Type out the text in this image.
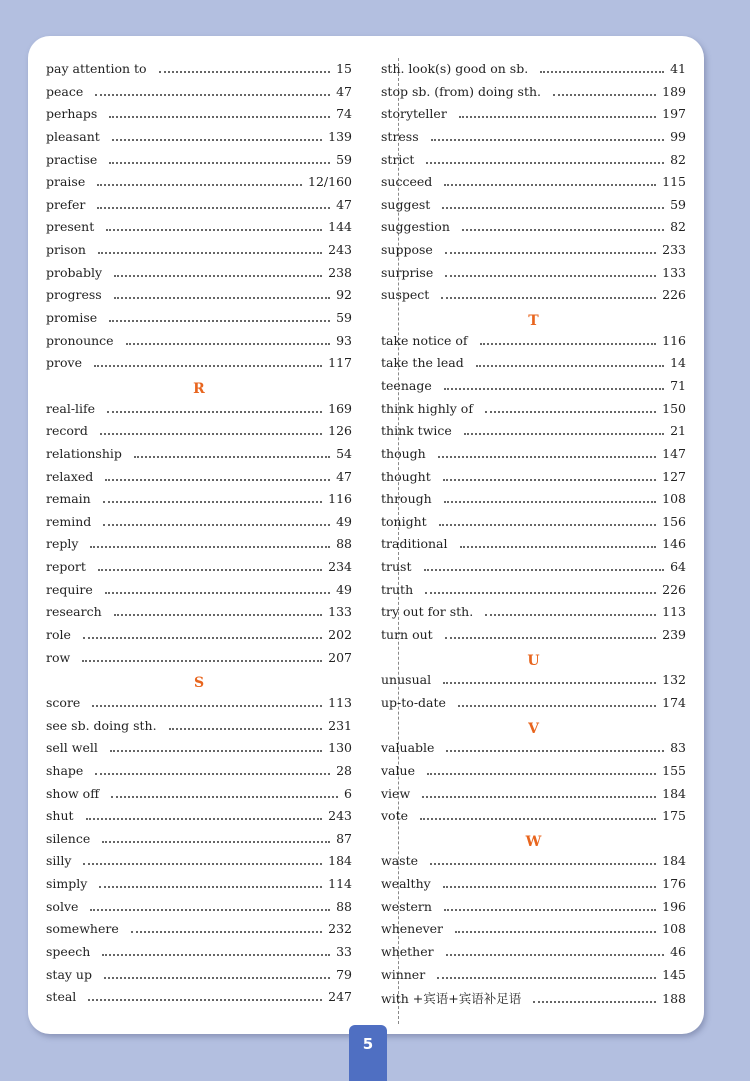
pay attention to	15
peace	47
perhaps	74
pleasant	139
practise	59
praise	12/160
prefer	47
present	144
prison	243
probably	238
progress	92
promise	59
pronounce	93
prove	117
R
real-life	169
record	126
relationship	54
relaxed	47
remain	116
remind	49
reply	88
report	234
require	49
research	133
role	202
row	207
S
score	113
see sb. doing sth.	231
sell well	130
shape	28
show off	6
shut	243
silence	87
silly	184
simply	114
solve	88
somewhere	232
speech	33
stay up	79
steal	247
sth. look(s) good on sb.	41
stop sb. (from) doing sth.	189
storyteller	197
stress	99
strict	82
succeed	115
suggest	59
suggestion	82
suppose	233
surprise	133
suspect	226
T
take notice of	116
take the lead	14
teenage	71
think highly of	150
think twice	21
though	147
thought	127
through	108
tonight	156
traditional	146
trust	64
truth	226
try out for sth.	113
turn out	239
U
unusual	132
up-to-date	174
V
valuable	83
value	155
view	184
vote	175
W
waste	184
wealthy	176
western	196
whenever	108
whether	46
winner	145
with +宾语+宾语补足语	188
5
